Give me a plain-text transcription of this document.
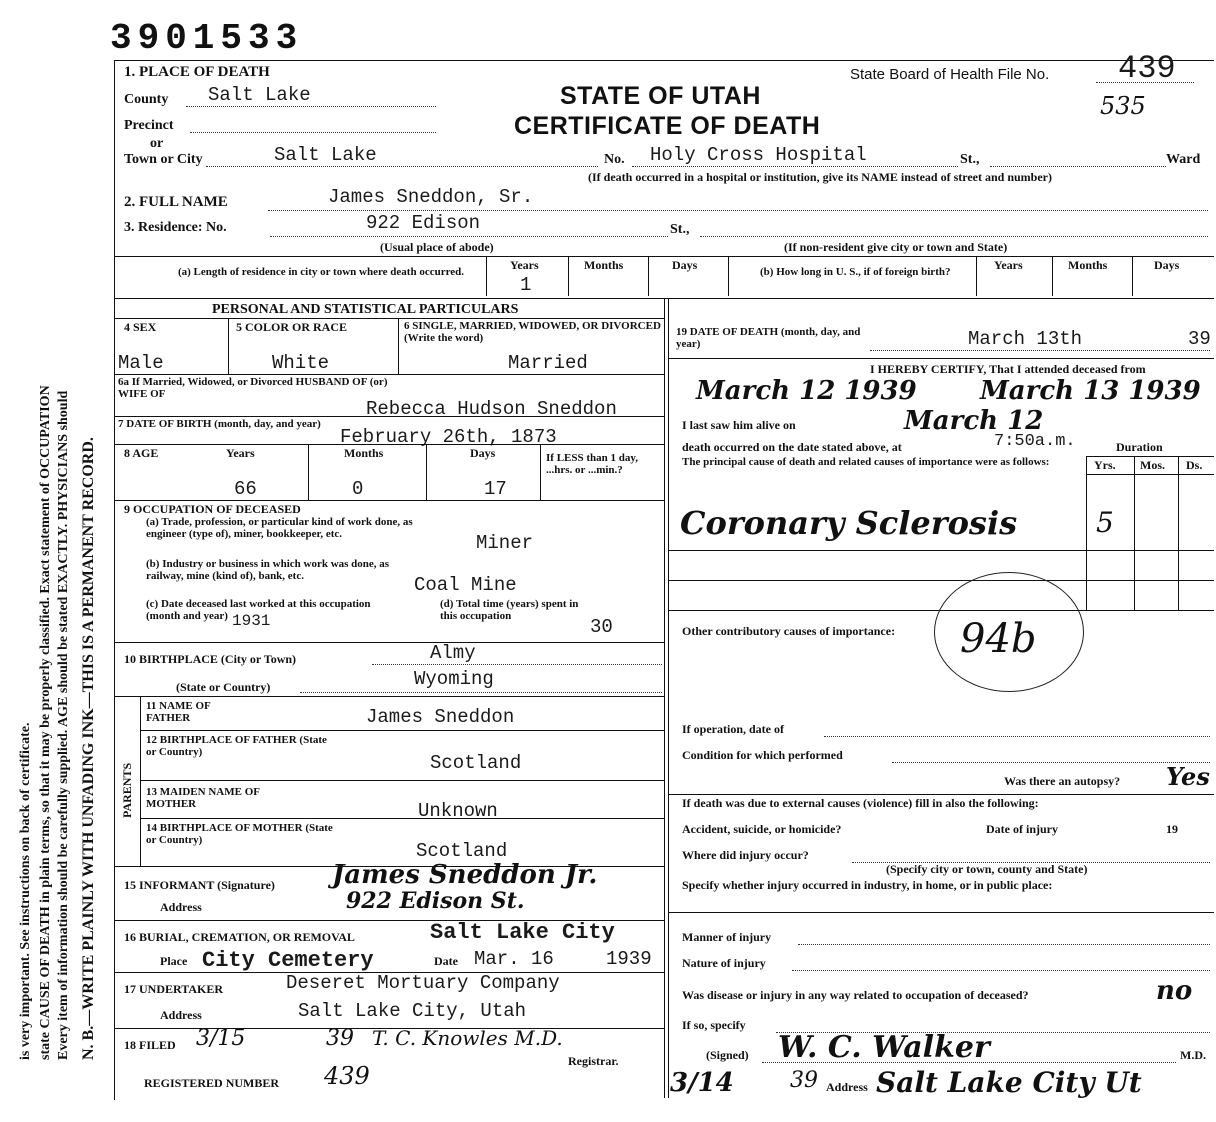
3901533
is very important. See instructions on back of certificate. state CAUSE OF DEATH in plain terms, so that it may be properly classified. Exact statement of OCCUPATION Every item of information should be carefully supplied. AGE should be stated EXACTLY. PHYSICIANS should N. B.—WRITE PLAINLY WITH UNFADING INK—THIS IS A PERMANENT RECORD.
1. PLACE OF DEATH
County Salt Lake
Precinct
or
Town or City	Salt Lake	No. Holy Cross Hospital	St.,	Ward
(If death occurred in a hospital or institution, give its NAME instead of street and number)
State Board of Health File No. 439
535
STATE OF UTAH
CERTIFICATE OF DEATH
2. FULL NAME	James Sneddon, Sr.
3. Residence: No.	922 Edison	St.,
(Usual place of abode)	(If non-resident give city or town and State)
(a) Length of residence in city or town where death occurred.	Years	Months	Days
1
(b) How long in U. S., if of foreign birth?	Years	Months	Days
PERSONAL AND STATISTICAL PARTICULARS
4 SEX
Male
5 COLOR OR RACE
White
6 SINGLE, MARRIED, WIDOWED, OR DIVORCED (Write the word)
Married
6a If Married, Widowed, or Divorced HUSBAND OF (or) WIFE OF
Rebecca Hudson Sneddon
7 DATE OF BIRTH (month, day, and year)
February 26th, 1873
8 AGE	Years	Months	Days
66	0	17
If LESS than 1 day, ...hrs. or ...min.?
9 OCCUPATION OF DECEASED
(a) Trade, profession, or particular kind of work done, as engineer (type of), miner, bookkeeper, etc.	Miner
(b) Industry or business in which work was done, as railway, mine (kind of), bank, etc.	Coal Mine
(c) Date deceased last worked at this occupation (month and year) 1931
(d) Total time (years) spent in this occupation	30
10 BIRTHPLACE (City or Town)	Almy
(State or Country)	Wyoming
PARENTS
11 NAME OF FATHER	James Sneddon
12 BIRTHPLACE OF FATHER (State or Country)	Scotland
13 MAIDEN NAME OF MOTHER	Unknown
14 BIRTHPLACE OF MOTHER (State or Country)	Scotland
15 INFORMANT (Signature) James Sneddon Jr.
Address	922 Edison St.
16 BURIAL, CREMATION, OR REMOVAL	Salt Lake City
Place City Cemetery	Date Mar. 16	1939
17 UNDERTAKER	Deseret Mortuary Company
Address	Salt Lake City, Utah
18 FILED 3/15	39 T. C. Knowles M.D.
Registrar.
REGISTERED NUMBER 439
19 DATE OF DEATH (month, day, and year)	March 13th	39
I HEREBY CERTIFY, That I attended deceased from
March 12 1939 March 13 1939
I last saw him alive on	March 12
death occurred on the date stated above, at	7:50a.m.	Duration
The principal cause of death and related causes of importance were as follows:	Yrs. Mos. Ds.
Coronary Sclerosis	5
94b
Other contributory causes of importance:
If operation, date of
Condition for which performed
Was there an autopsy? Yes
If death was due to external causes (violence) fill in also the following:
Accident, suicide, or homicide?	Date of injury	19
Where did injury occur?
(Specify city or town, county and State)
Specify whether injury occurred in industry, in home, or in public place:
Manner of injury
Nature of injury
Was disease or injury in any way related to occupation of deceased?	no
If so, specify
(Signed) W. C. Walker	M.D.
3/14	39 Address Salt Lake City Ut
